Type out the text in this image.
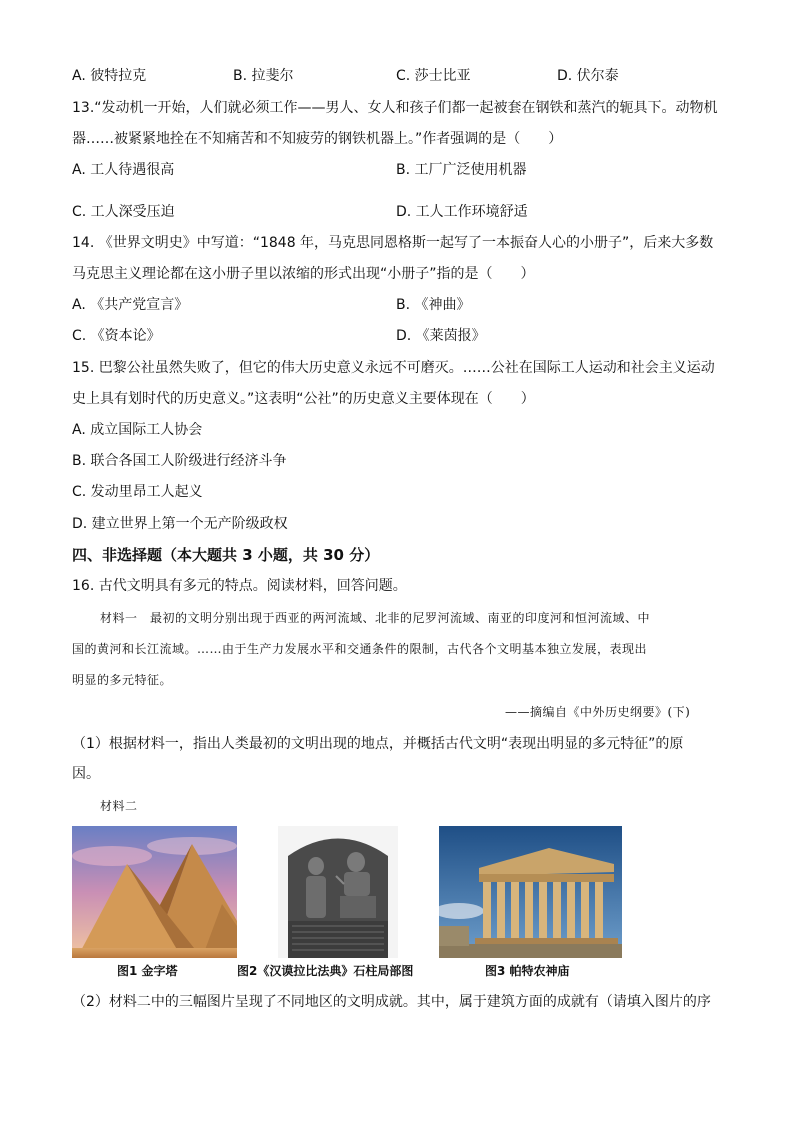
A. 彼特拉克	B. 拉斐尔	C. 莎士比亚	D. 伏尔泰
13.“发动机一开始，人们就必须工作——男人、女人和孩子们都一起被套在钢铁和蒸汽的轭具下。动物机
器……被紧紧地拴在不知痛苦和不知疲劳的钢铁机器上。”作者强调的是（　　）
A. 工人待遇很高	B. 工厂广泛使用机器
C. 工人深受压迫	D. 工人工作环境舒适
14. 《世界文明史》中写道：“1848 年，马克思同恩格斯一起写了一本振奋人心的小册子”，后来大多数
马克思主义理论都在这小册子里以浓缩的形式出现“小册子”指的是（　　）
A. 《共产党宣言》	B. 《神曲》
C. 《资本论》	D. 《莱茵报》
15. 巴黎公社虽然失败了，但它的伟大历史意义永远不可磨灭。……公社在国际工人运动和社会主义运动
史上具有划时代的历史意义。”这表明“公社”的历史意义主要体现在（　　）
A. 成立国际工人协会
B. 联合各国工人阶级进行经济斗争
C. 发动里昂工人起义
D. 建立世界上第一个无产阶级政权
四、非选择题（本大题共 3 小题，共 30 分）
16. 古代文明具有多元的特点。阅读材料，回答问题。
材料一　最初的文明分别出现于西亚的两河流域、北非的尼罗河流域、南亚的印度河和恒河流域、中
国的黄河和长江流域。……由于生产力发展水平和交通条件的限制，古代各个文明基本独立发展，表现出
明显的多元特征。
——摘编自《中外历史纲要》(下)
（1）根据材料一，指出人类最初的文明出现的地点，并概括古代文明“表现出明显的多元特征”的原
因。
材料二
图1 金字塔	图2《汉谟拉比法典》石柱局部图	图3 帕特农神庙
（2）材料二中的三幅图片呈现了不同地区的文明成就。其中，属于建筑方面的成就有（请填入图片的序
